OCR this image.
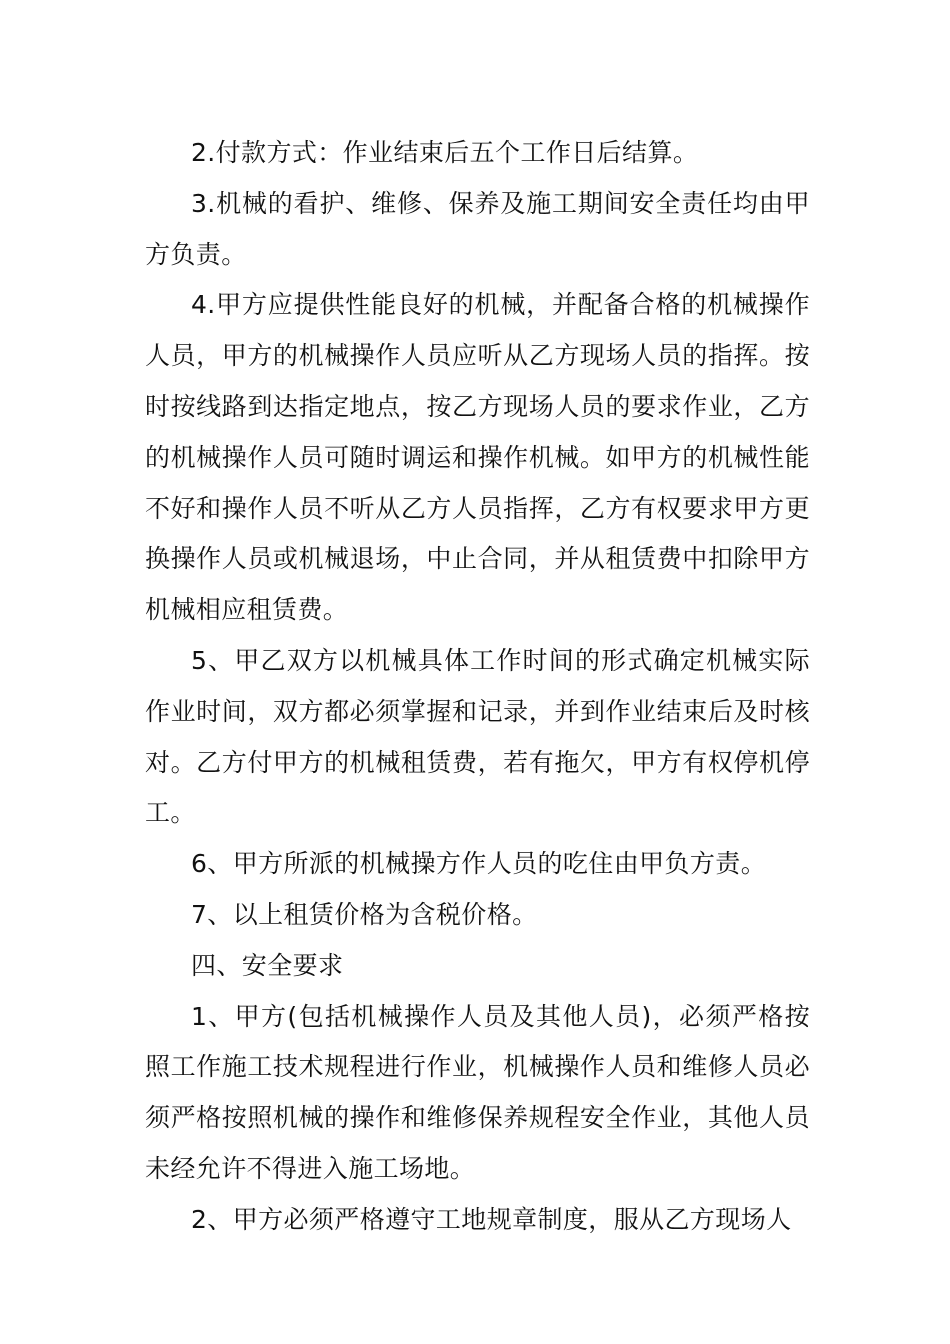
2.付款方式：作业结束后五个工作日后结算。

3.机械的看护、维修、保养及施工期间安全责任均由甲方负责。

4.甲方应提供性能良好的机械，并配备合格的机械操作人员，甲方的机械操作人员应听从乙方现场人员的指挥。按时按线路到达指定地点，按乙方现场人员的要求作业，乙方的机械操作人员可随时调运和操作机械。如甲方的机械性能不好和操作人员不听从乙方人员指挥，乙方有权要求甲方更换操作人员或机械退场，中止合同，并从租赁费中扣除甲方机械相应租赁费。

5、甲乙双方以机械具体工作时间的形式确定机械实际作业时间，双方都必须掌握和记录，并到作业结束后及时核对。乙方付甲方的机械租赁费，若有拖欠，甲方有权停机停工。

6、甲方所派的机械操方作人员的吃住由甲负方责。

7、以上租赁价格为含税价格。

四、安全要求

1、甲方(包括机械操作人员及其他人员)，必须严格按照工作施工技术规程进行作业，机械操作人员和维修人员必须严格按照机械的操作和维修保养规程安全作业，其他人员未经允许不得进入施工场地。

2、甲方必须严格遵守工地规章制度，服从乙方现场人
